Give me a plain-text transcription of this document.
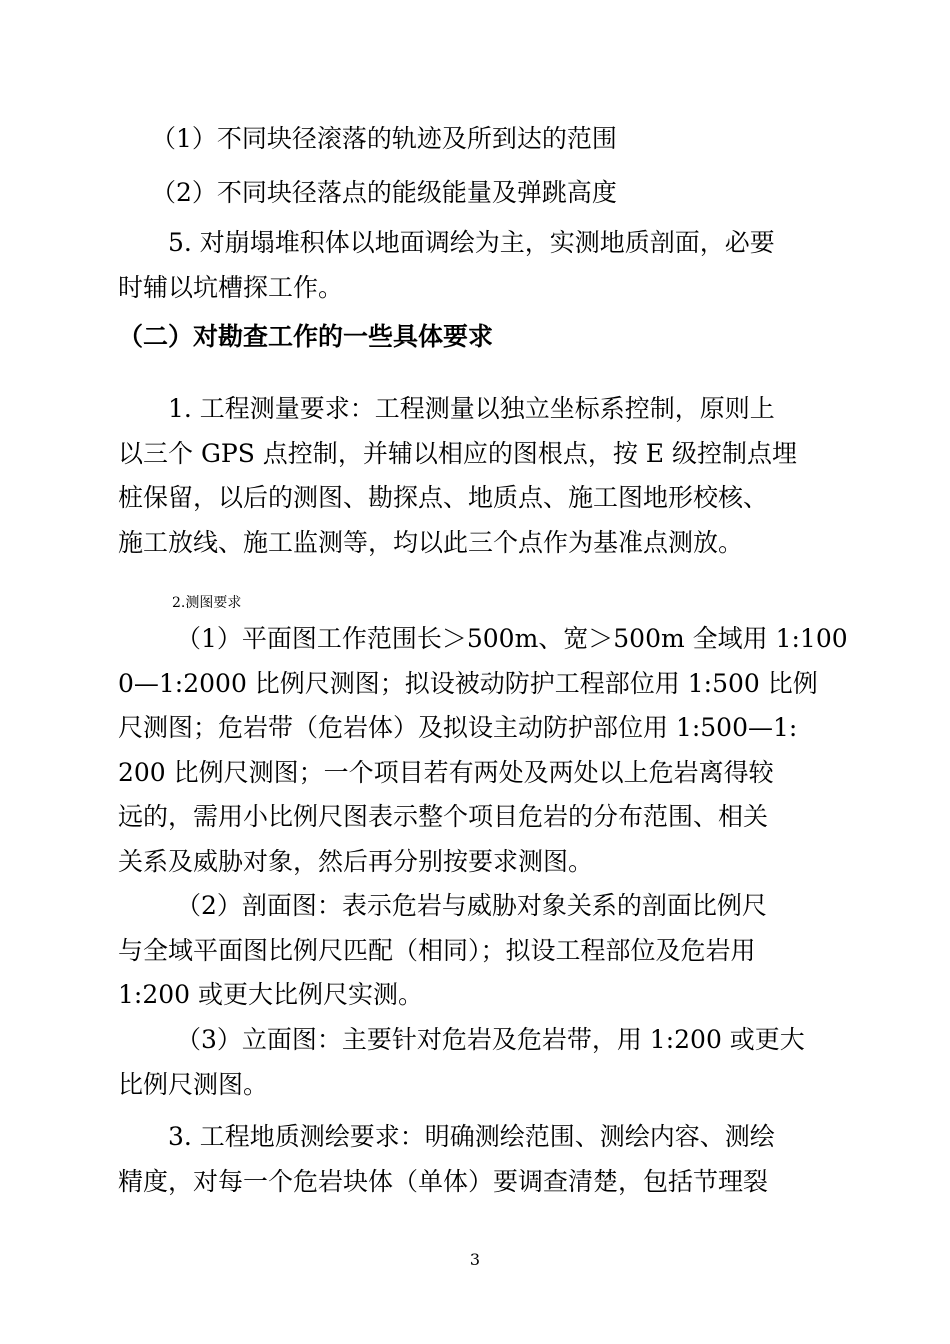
　 （1）不同块径滚落的轨迹及所到达的范围
　 （2）不同块径落点的能级能量及弹跳高度
　　5. 对崩塌堆积体以地面调绘为主，实测地质剖面，必要
时辅以坑槽探工作。
（二）对勘查工作的一些具体要求
　　1. 工程测量要求：工程测量以独立坐标系控制，原则上
以三个 GPS 点控制，并辅以相应的图根点，按 E 级控制点埋
桩保留，以后的测图、勘探点、地质点、施工图地形校核、
施工放线、施工监测等，均以此三个点作为基准点测放。
2.测图要求
　　 （1）平面图工作范围长＞500m、宽＞500m 全域用 1:100
0—1:2000 比例尺测图；拟设被动防护工程部位用 1:500 比例
尺测图；危岩带（危岩体）及拟设主动防护部位用 1:500—1:
200 比例尺测图；一个项目若有两处及两处以上危岩离得较
远的，需用小比例尺图表示整个项目危岩的分布范围、相关
关系及威胁对象，然后再分别按要求测图。
　　 （2）剖面图：表示危岩与威胁对象关系的剖面比例尺
与全域平面图比例尺匹配（相同）；拟设工程部位及危岩用
1:200 或更大比例尺实测。
　　 （3）立面图：主要针对危岩及危岩带，用 1:200 或更大
比例尺测图。
　　3. 工程地质测绘要求：明确测绘范围、测绘内容、测绘
精度，对每一个危岩块体（单体）要调查清楚，包括节理裂
3
